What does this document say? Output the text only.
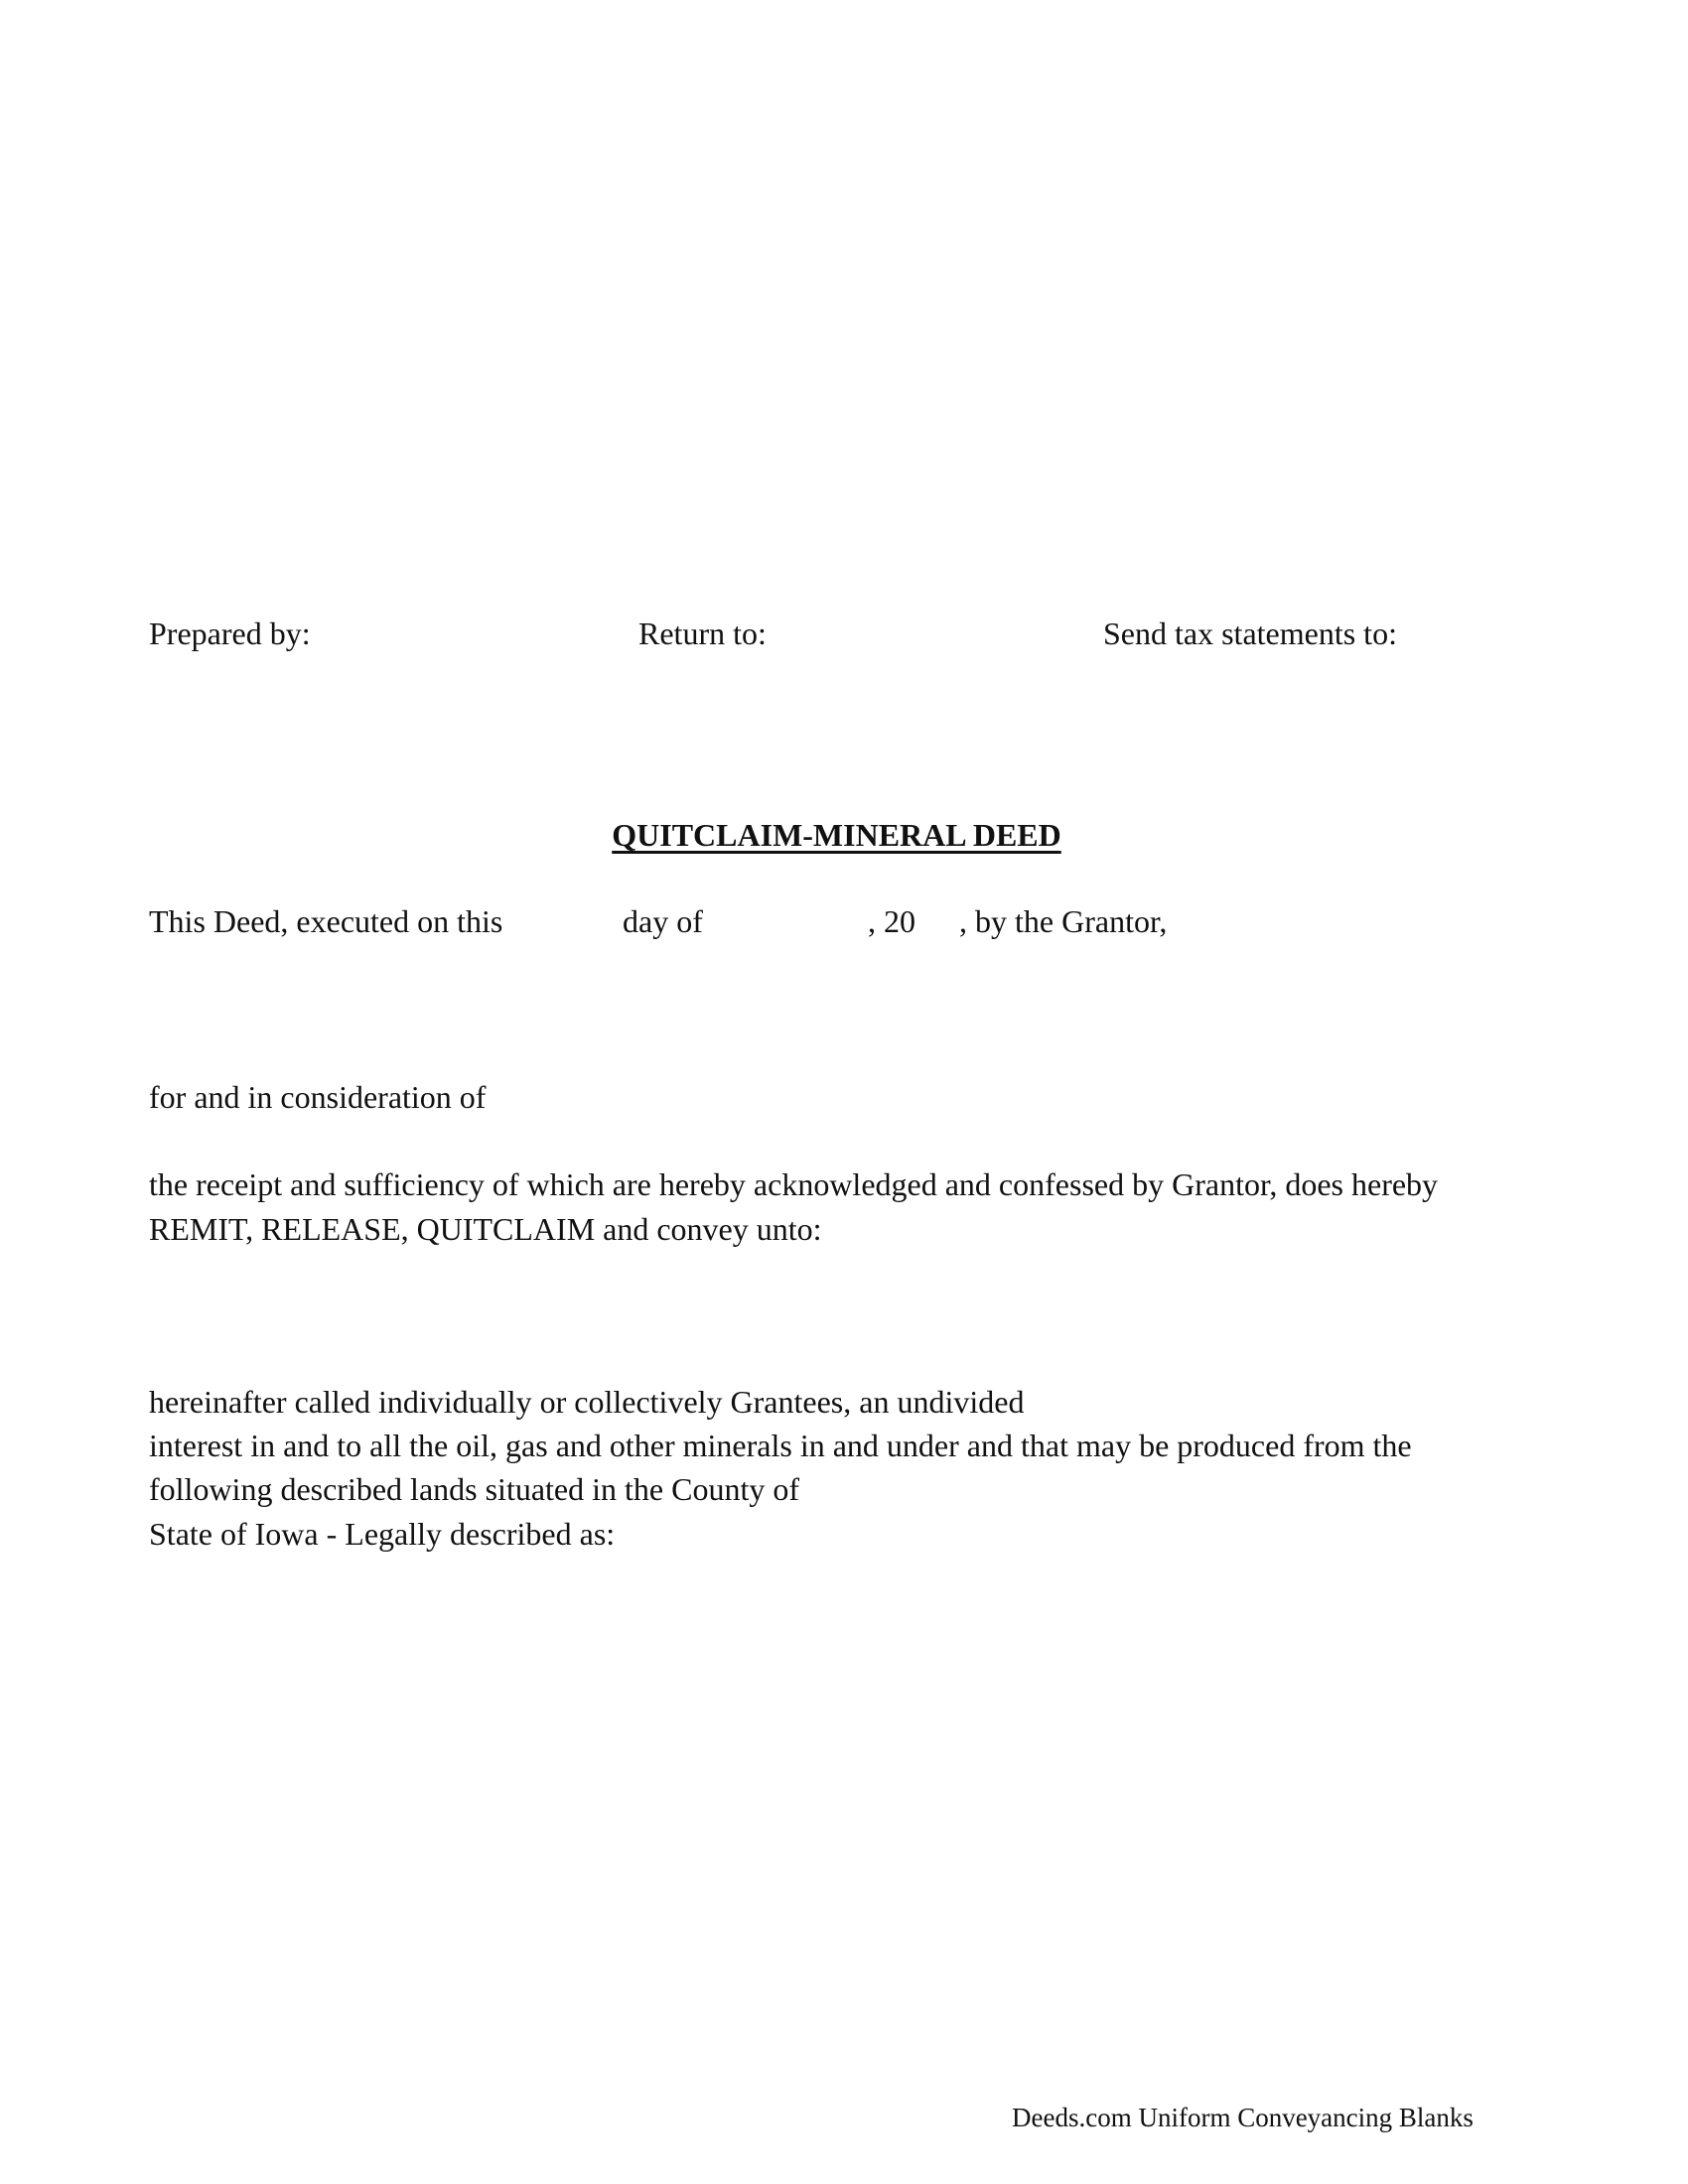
Prepared by:	Return to:	Send tax statements to:
QUITCLAIM-MINERAL DEED
This Deed, executed on this	day of	, 20 , by the Grantor,
for and in consideration of
the receipt and sufficiency of which are hereby acknowledged and confessed by Grantor, does hereby
REMIT, RELEASE, QUITCLAIM and convey unto:
hereinafter called individually or collectively Grantees, an undivided
interest in and to all the oil, gas and other minerals in and under and that may be produced from the
following described lands situated in the County of
State of Iowa - Legally described as:
Deeds.com Uniform Conveyancing Blanks
